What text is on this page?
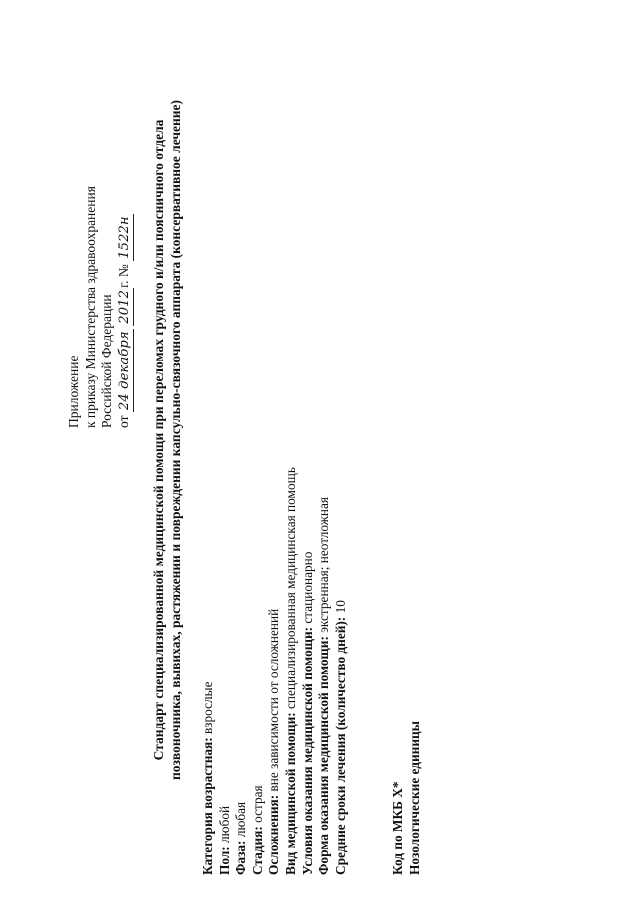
Приложение к приказу Министерства здравоохранения Российской Федерации от 24 декабря 2012г. № 1522н Стандарт специализированной медицинской помощи при переломах грудного и/или поясничного отдела позвоночника, вывихах, растяжении и повреждении капсульно-связочного аппарата (консервативное лечение)
Категория возрастная: взрослые
Пол: любой
Фаза: любая
Стадия: острая Осложнения: вне зависимости от осложнений Вид медицинской помощи: специализированная медицинская помощь
Условия оказания медицинской помощи: стационарно
Форма оказания медицинской помощи: экстренная; неотложная
Средние сроки лечения (количество дней): 10
Код по МКБ X* Нозологические единицы
